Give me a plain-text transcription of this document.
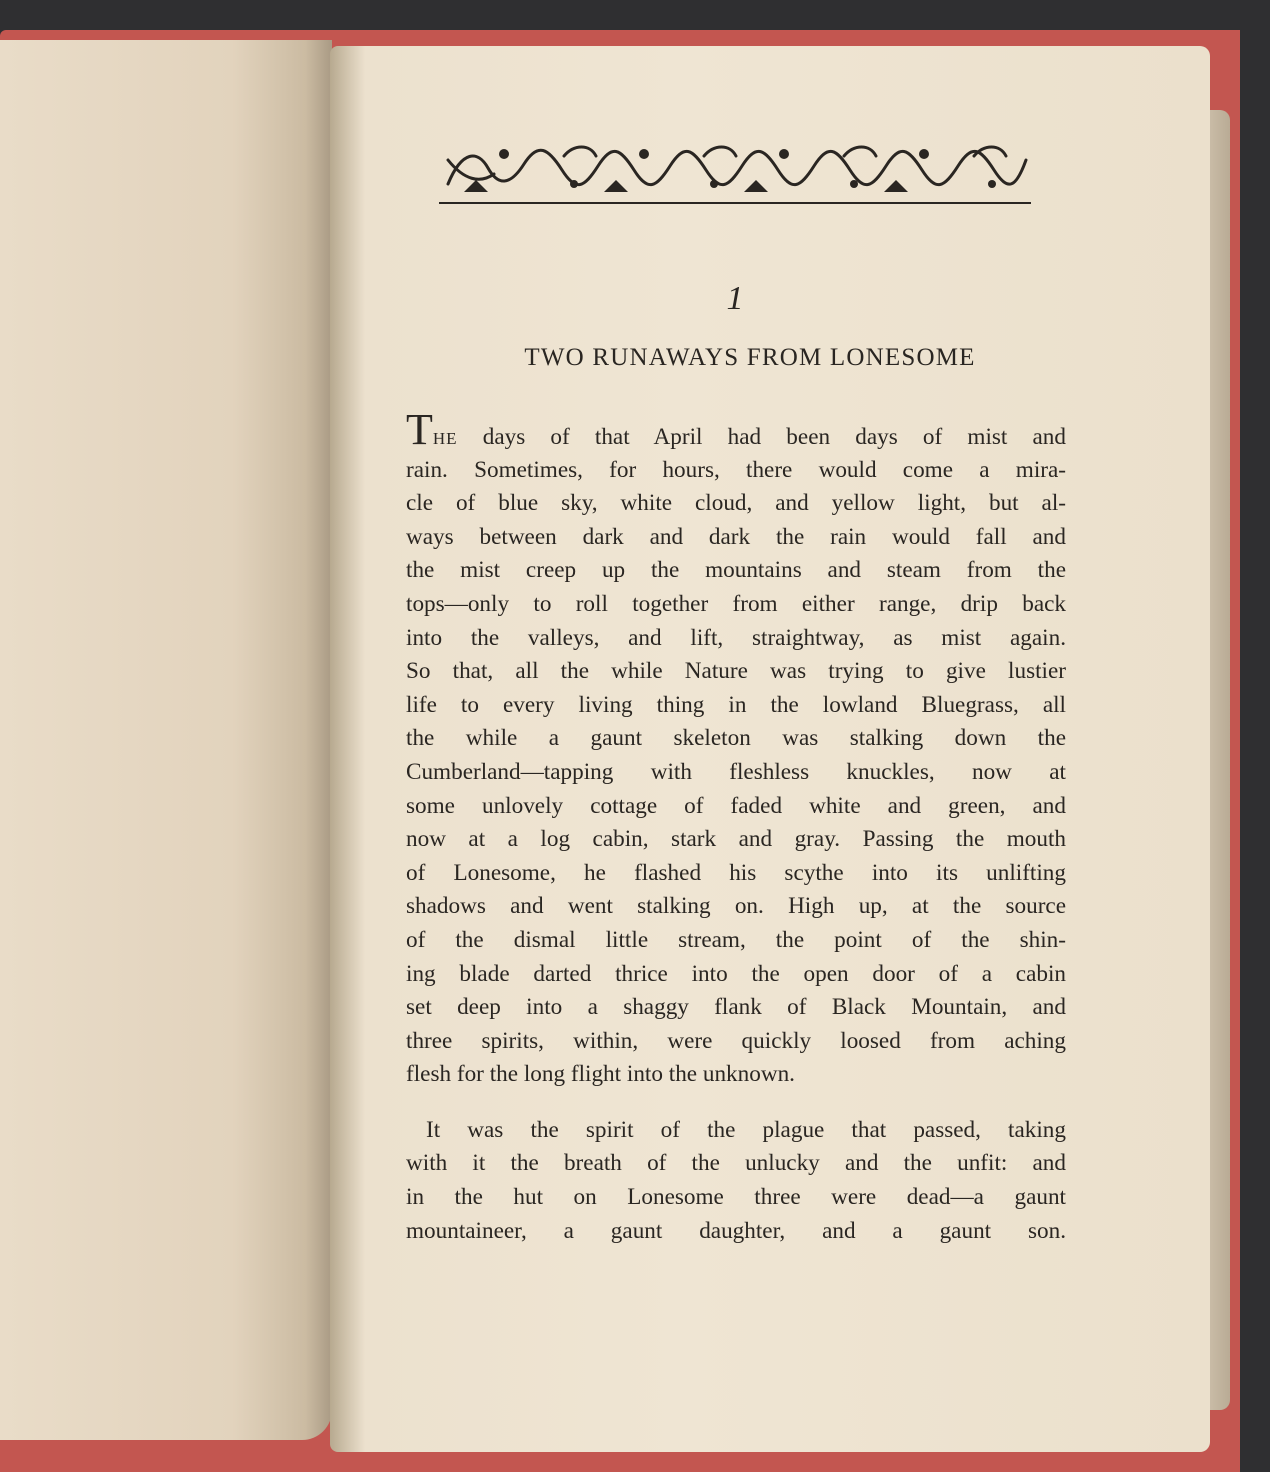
1
TWO RUNAWAYS FROM LONESOME
THE days of that April had been days of mist and
rain. Sometimes, for hours, there would come a mira-
cle of blue sky, white cloud, and yellow light, but al-
ways between dark and dark the rain would fall and
the mist creep up the mountains and steam from the
tops—only to roll together from either range, drip back
into the valleys, and lift, straightway, as mist again.
So that, all the while Nature was trying to give lustier
life to every living thing in the lowland Bluegrass, all
the while a gaunt skeleton was stalking down the
Cumberland—tapping with fleshless knuckles, now at
some unlovely cottage of faded white and green, and
now at a log cabin, stark and gray. Passing the mouth
of Lonesome, he flashed his scythe into its unlifting
shadows and went stalking on. High up, at the source
of the dismal little stream, the point of the shin-
ing blade darted thrice into the open door of a cabin
set deep into a shaggy flank of Black Mountain, and
three spirits, within, were quickly loosed from aching
flesh for the long flight into the unknown.
It was the spirit of the plague that passed, taking
with it the breath of the unlucky and the unfit: and
in the hut on Lonesome three were dead—a gaunt
mountaineer, a gaunt daughter, and a gaunt son.
